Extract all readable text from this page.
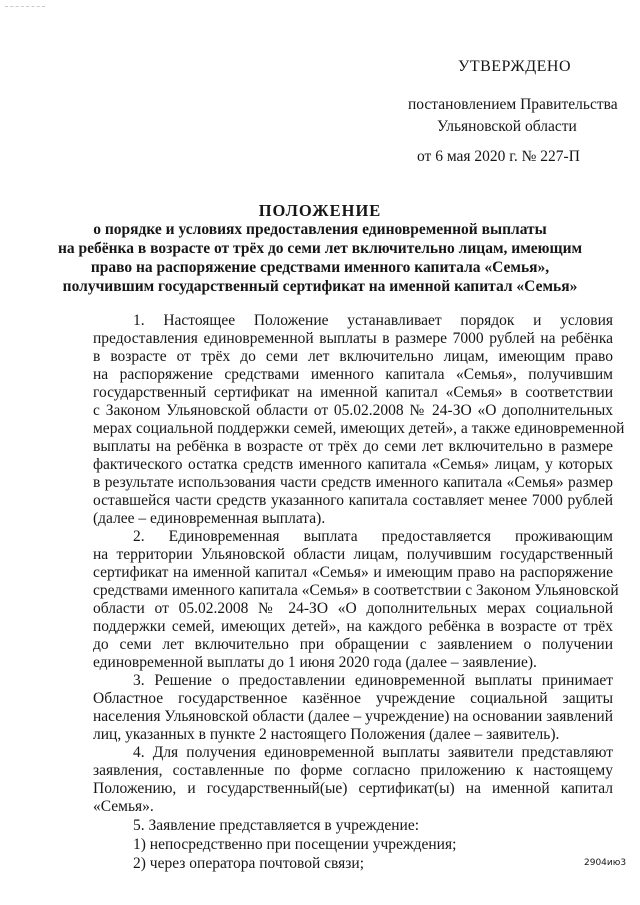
УТВЕРЖДЕНО
постановлением Правительства
Ульяновской области
от 6 мая 2020 г. № 227-П
ПОЛОЖЕНИЕ
о порядке и условиях предоставления единовременной выплаты
на ребёнка в возрасте от трёх до семи лет включительно лицам, имеющим
право на распоряжение средствами именного капитала «Семья»,
получившим государственный сертификат на именной капитал «Семья»
1. Настоящее Положение устанавливает порядок и условия
предоставления единовременной выплаты в размере 7000 рублей на ребёнка
в возрасте от трёх до семи лет включительно лицам, имеющим право
на распоряжение средствами именного капитала «Семья», получившим
государственный сертификат на именной капитал «Семья» в соответствии
с Законом Ульяновской области от 05.02.2008 № 24-ЗО «О дополнительных
мерах социальной поддержки семей, имеющих детей», а также единовременной
выплаты на ребёнка в возрасте от трёх до семи лет включительно в размере
фактического остатка средств именного капитала «Семья» лицам, у которых
в результате использования части средств именного капитала «Семья» размер
оставшейся части средств указанного капитала составляет менее 7000 рублей
(далее – единовременная выплата).
2. Единовременная выплата предоставляется проживающим
на территории Ульяновской области лицам, получившим государственный
сертификат на именной капитал «Семья» и имеющим право на распоряжение
средствами именного капитала «Семья» в соответствии с Законом Ульяновской
области от 05.02.2008 № 24-ЗО «О дополнительных мерах социальной
поддержки семей, имеющих детей», на каждого ребёнка в возрасте от трёх
до семи лет включительно при обращении с заявлением о получении
единовременной выплаты до 1 июня 2020 года (далее – заявление).
3. Решение о предоставлении единовременной выплаты принимает
Областное государственное казённое учреждение социальной защиты
населения Ульяновской области (далее – учреждение) на основании заявлений
лиц, указанных в пункте 2 настоящего Положения (далее – заявитель).
4. Для получения единовременной выплаты заявители представляют
заявления, составленные по форме согласно приложению к настоящему
Положению, и государственный(ые) сертификат(ы) на именной капитал
«Семья».
5. Заявление представляется в учреждение:
1) непосредственно при посещении учреждения;
2) через оператора почтовой связи;	2904ию3
